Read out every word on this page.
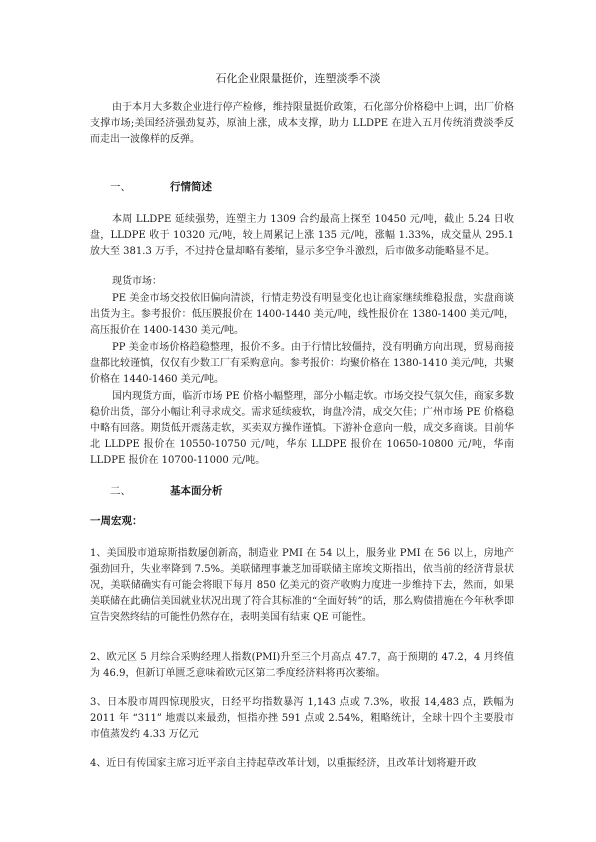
石化企业限量挺价，连塑淡季不淡

由于本月大多数企业进行停产检修，维持限量挺价政策，石化部分价格稳中上调，出厂价格支撑市场;美国经济强劲复苏，原油上涨，成本支撑，助力 LLDPE 在进入五月传统消费淡季反而走出一波像样的反弹。

一、	行情简述

本周 LLDPE 延续强势，连塑主力 1309 合约最高上探至 10450 元/吨，截止 5.24 日收盘，LLDPE 收于 10320 元/吨，较上周累记上涨 135 元/吨，涨幅 1.33%，成交量从 295.1 放大至 381.3 万手，不过持仓量却略有萎缩，显示多空争斗激烈，后市做多动能略显不足。

现货市场：

PE 美金市场交投依旧偏向清淡，行情走势没有明显变化也让商家继续维稳报盘，实盘商谈出货为主。参考报价：低压膜报价在 1400-1440 美元/吨，线性报价在 1380-1400 美元/吨，高压报价在 1400-1430 美元/吨。

PP 美金市场价格趋稳整理，报价不多。由于行情比较僵持，没有明确方向出现，贸易商接盘都比较谨慎，仅仅有少数工厂有采购意向。参考报价：均聚价格在 1380-1410 美元/吨，共聚价格在 1440-1460 美元/吨。

国内现货方面，临沂市场 PE 价格小幅整理，部分小幅走软。市场交投气氛欠佳，商家多数稳价出货，部分小幅让利寻求成交。需求延续疲软，询盘冷清，成交欠佳；广州市场 PE 价格稳中略有回落。期货低开震荡走软，买卖双方操作谨慎。下游补仓意向一般，成交多商谈。目前华北 LLDPE 报价在 10550-10750 元/吨，华东 LLDPE 报价在 10650-10800 元/吨，华南 LLDPE 报价在 10700-11000 元/吨。

二、	基本面分析
一周宏观：

1、美国股市道琼斯指数屡创新高，制造业 PMI 在 54 以上，服务业 PMI 在 56 以上，房地产强劲回升，失业率降到 7.5%。美联储理事兼芝加哥联储主席埃文斯指出，依当前的经济背景状况，美联储确实有可能会将眼下每月 850 亿美元的资产收购力度进一步维持下去，然而，如果美联储在此确信美国就业状况出现了符合其标准的“全面好转”的话，那么购债措施在今年秋季即宣告突然终结的可能性仍然存在，表明美国有结束 QE 可能性。

2、欧元区 5 月综合采购经理人指数(PMI)升至三个月高点 47.7，高于预期的 47.2，4 月终值为 46.9，但新订单匮乏意味着欧元区第二季度经济料将再次萎缩。

3、日本股市周四惊现股灾，日经平均指数暴泻 1,143 点或 7.3%，收报 14,483 点，跌幅为 2011 年 “311” 地震以来最劲，恒指亦挫 591 点或 2.54%，粗略统计，全球十四个主要股市市值蒸发约 4.33 万亿元

4、近日有传国家主席习近平亲自主持起草改革计划，以重振经济，且改革计划将避开政
